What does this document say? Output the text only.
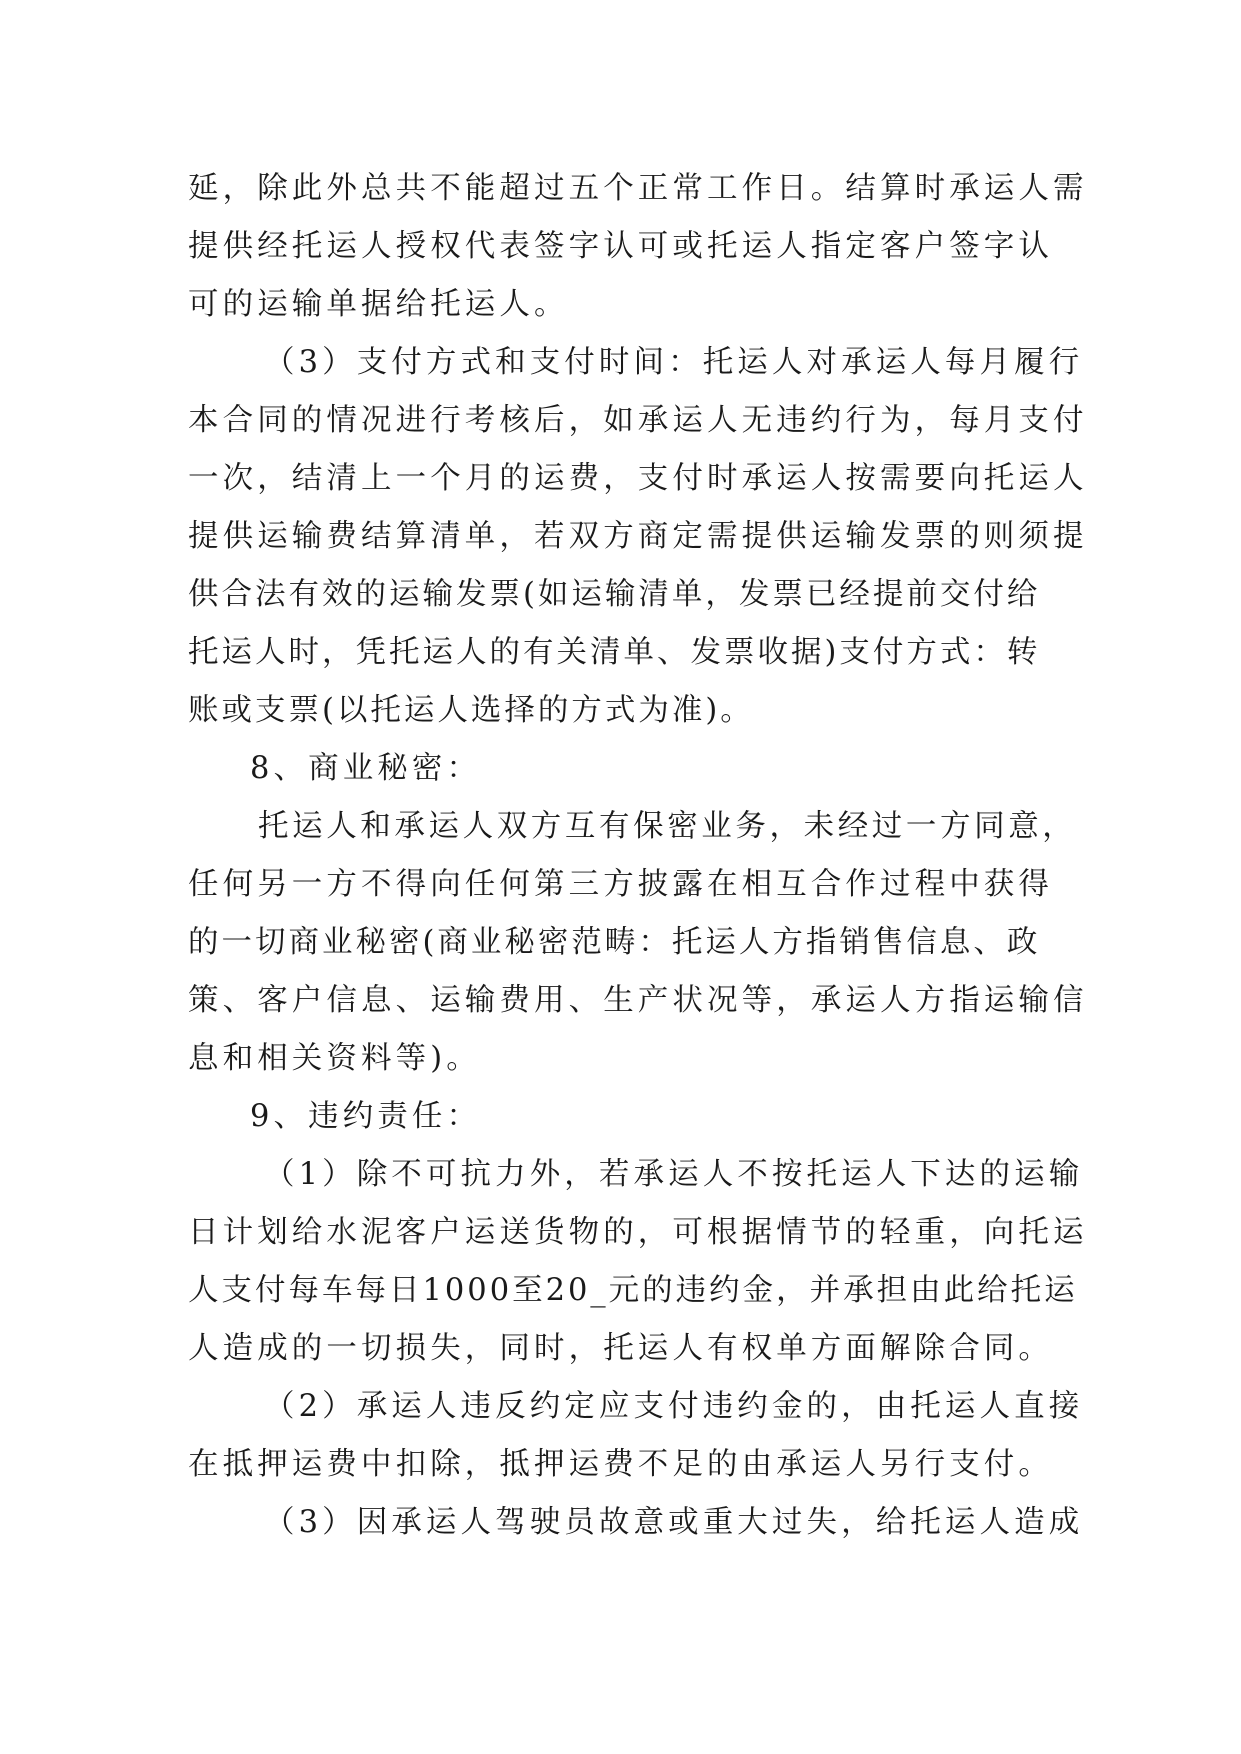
延，除此外总共不能超过五个正常工作日。结算时承运人需
提供经托运人授权代表签字认可或托运人指定客户签字认
可的运输单据给托运人。
（3）支付方式和支付时间：托运人对承运人每月履行
本合同的情况进行考核后，如承运人无违约行为，每月支付
一次，结清上一个月的运费，支付时承运人按需要向托运人
提供运输费结算清单，若双方商定需提供运输发票的则须提
供合法有效的运输发票(如运输清单，发票已经提前交付给
托运人时，凭托运人的有关清单、发票收据)支付方式：转
账或支票(以托运人选择的方式为准)。
8、商业秘密：
托运人和承运人双方互有保密业务，未经过一方同意，
任何另一方不得向任何第三方披露在相互合作过程中获得
的一切商业秘密(商业秘密范畴：托运人方指销售信息、政
策、客户信息、运输费用、生产状况等，承运人方指运输信
息和相关资料等)。
9、违约责任：
（1）除不可抗力外，若承运人不按托运人下达的运输
日计划给水泥客户运送货物的，可根据情节的轻重，向托运
人支付每车每日1000至20_元的违约金，并承担由此给托运
人造成的一切损失，同时，托运人有权单方面解除合同。
（2）承运人违反约定应支付违约金的，由托运人直接
在抵押运费中扣除，抵押运费不足的由承运人另行支付。
（3）因承运人驾驶员故意或重大过失，给托运人造成
